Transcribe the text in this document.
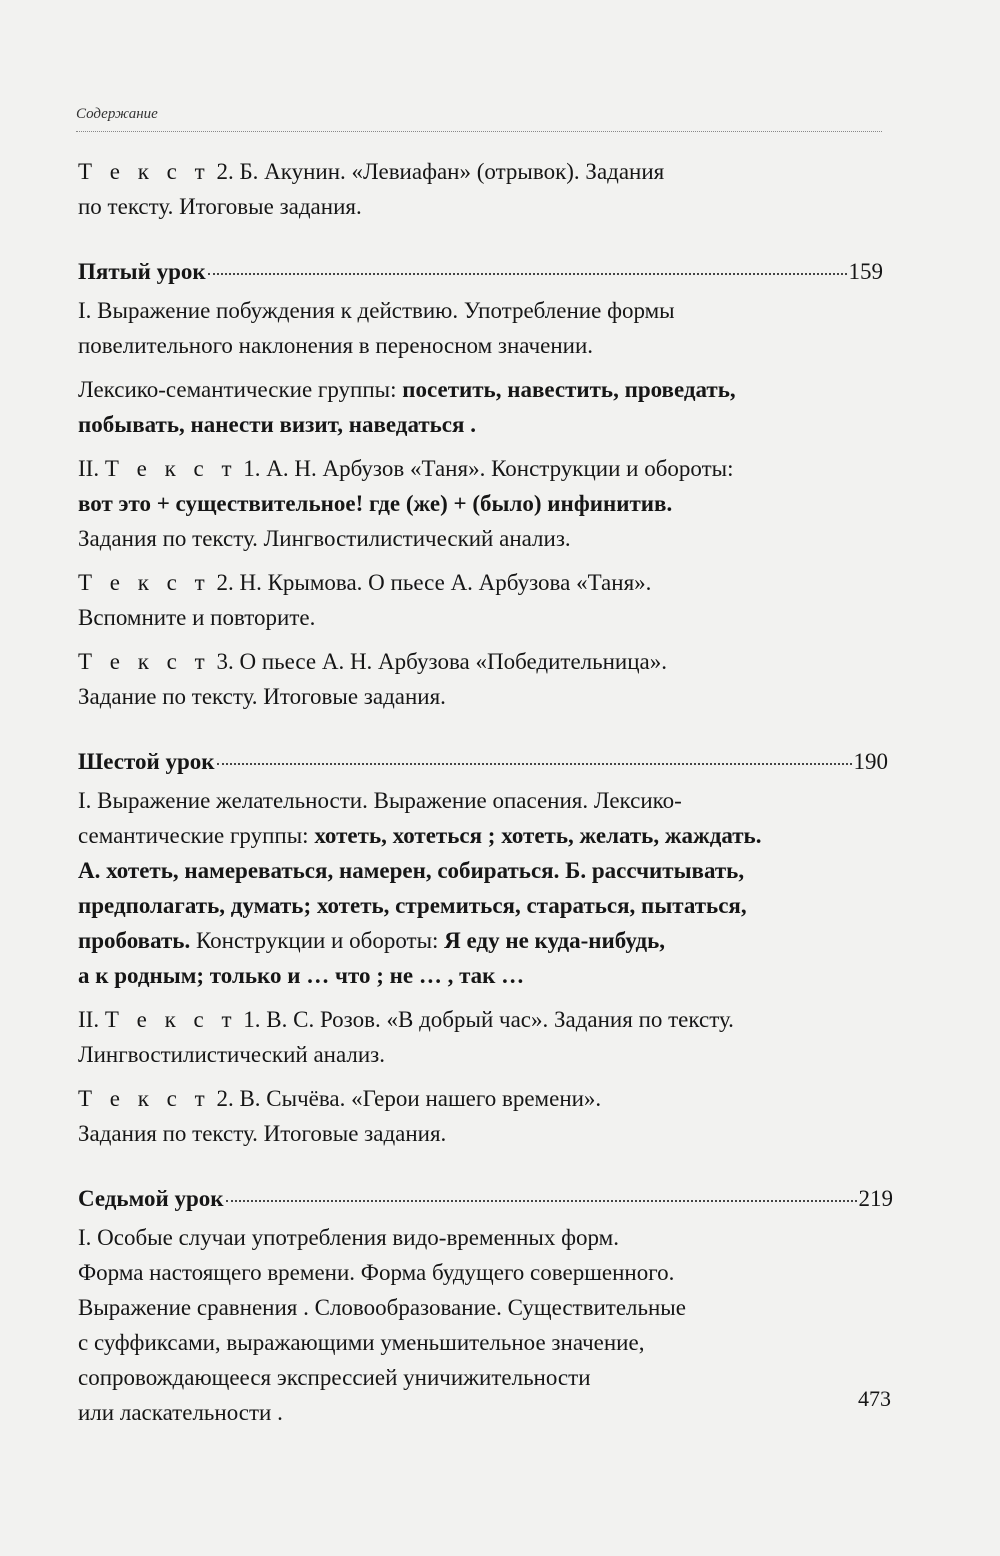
Содержание
Т е к с т 2. Б. Акунин. «Левиафан» (отрывок). Задания
по тексту. Итоговые задания.
Пятый урок	159
I. Выражение побуждения к действию. Употребление формы
повелительного наклонения в переносном значении.
Лексико-семантические группы: посетить, навестить, проведать,
побывать, нанести визит, наведаться .
II. Т е к с т 1. А. Н. Арбузов «Таня». Конструкции и обороты:
вот это + существительное! где (же) + (было) инфинитив.
Задания по тексту. Лингвостилистический анализ.
Т е к с т 2. Н. Крымова. О пьесе А. Арбузова «Таня».
Вспомните и повторите.
Т е к с т 3. О пьесе А. Н. Арбузова «Победительница».
Задание по тексту. Итоговые задания.
Шестой урок	190
I. Выражение желательности. Выражение опасения. Лексико-
семантические группы: хотеть, хотеться ; хотеть, желать, жаждать.
А. хотеть, намереваться, намерен, собираться. Б. рассчитывать,
предполагать, думать; хотеть, стремиться, стараться, пытаться,
пробовать. Конструкции и обороты: Я еду не куда-нибудь,
а к родным; только и … что ; не … , так …
II. Т е к с т 1. В. С. Розов. «В добрый час». Задания по тексту.
Лингвостилистический анализ.
Т е к с т 2. В. Сычёва. «Герои нашего времени».
Задания по тексту. Итоговые задания.
Седьмой урок	219
I. Особые случаи употребления видо-временных форм.
Форма настоящего времени. Форма будущего совершенного.
Выражение сравнения . Словообразование. Существительные
с суффиксами, выражающими уменьшительное значение,
сопровождающееся экспрессией уничижительности
или ласкательности .
473
